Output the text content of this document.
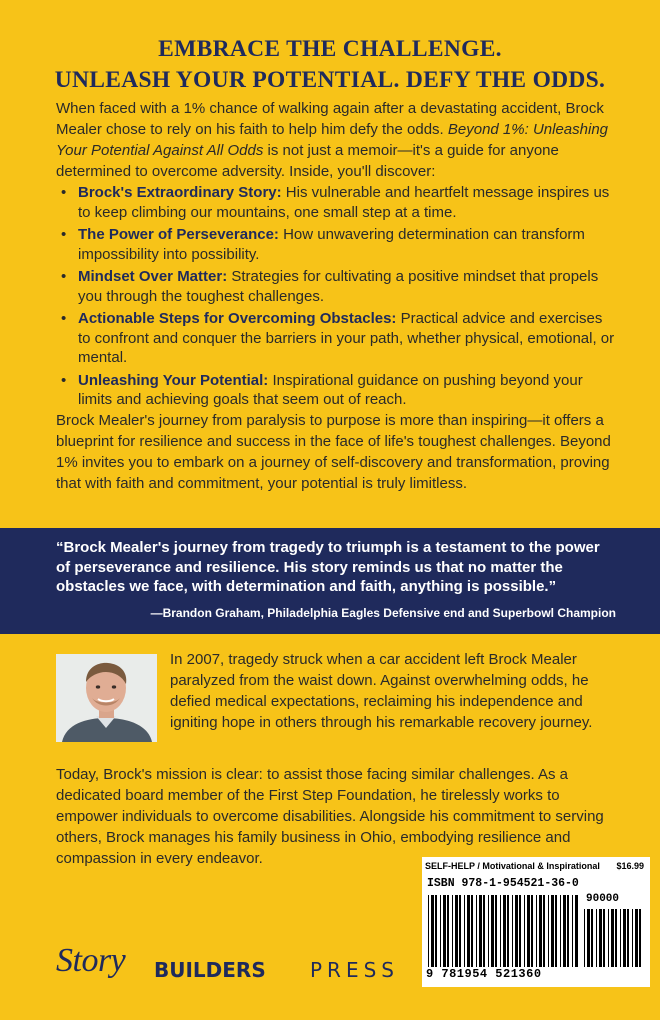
EMBRACE THE CHALLENGE.
UNLEASH YOUR POTENTIAL. DEFY THE ODDS.

When faced with a 1% chance of walking again after a devastating accident, Brock Mealer chose to rely on his faith to help him defy the odds. Beyond 1%: Unleashing Your Potential Against All Odds is not just a memoir—it's a guide for anyone determined to overcome adversity. Inside, you'll discover:

• Brock's Extraordinary Story: His vulnerable and heartfelt message inspires us to keep climbing our mountains, one small step at a time.
• The Power of Perseverance: How unwavering determination can transform impossibility into possibility.
• Mindset Over Matter: Strategies for cultivating a positive mindset that propels you through the toughest challenges.
• Actionable Steps for Overcoming Obstacles: Practical advice and exercises to confront and conquer the barriers in your path, whether physical, emotional, or mental.
• Unleashing Your Potential: Inspirational guidance on pushing beyond your limits and achieving goals that seem out of reach.

Brock Mealer's journey from paralysis to purpose is more than inspiring—it offers a blueprint for resilience and success in the face of life's toughest challenges. Beyond 1% invites you to embark on a journey of self-discovery and transformation, proving that with faith and commitment, your potential is truly limitless.

“Brock Mealer's journey from tragedy to triumph is a testament to the power of perseverance and resilience. His story reminds us that no matter the obstacles we face, with determination and faith, anything is possible.”

—Brandon Graham, Philadelphia Eagles Defensive end and Superbowl Champion

In 2007, tragedy struck when a car accident left Brock Mealer paralyzed from the waist down. Against overwhelming odds, he defied medical expectations, reclaiming his independence and igniting hope in others through his remarkable recovery journey.

Today, Brock's mission is clear: to assist those facing similar challenges. As a dedicated board member of the First Step Foundation, he tirelessly works to empower individuals to overcome disabilities. Alongside his commitment to serving others, Brock manages his family business in Ohio, embodying resilience and compassion in every endeavor.	SELF-HELP / Motivational & Inspirational $16.99
ISBN 978-1-954521-36-0
90000
9 781954 521360
Story BUILDERS PRESS
